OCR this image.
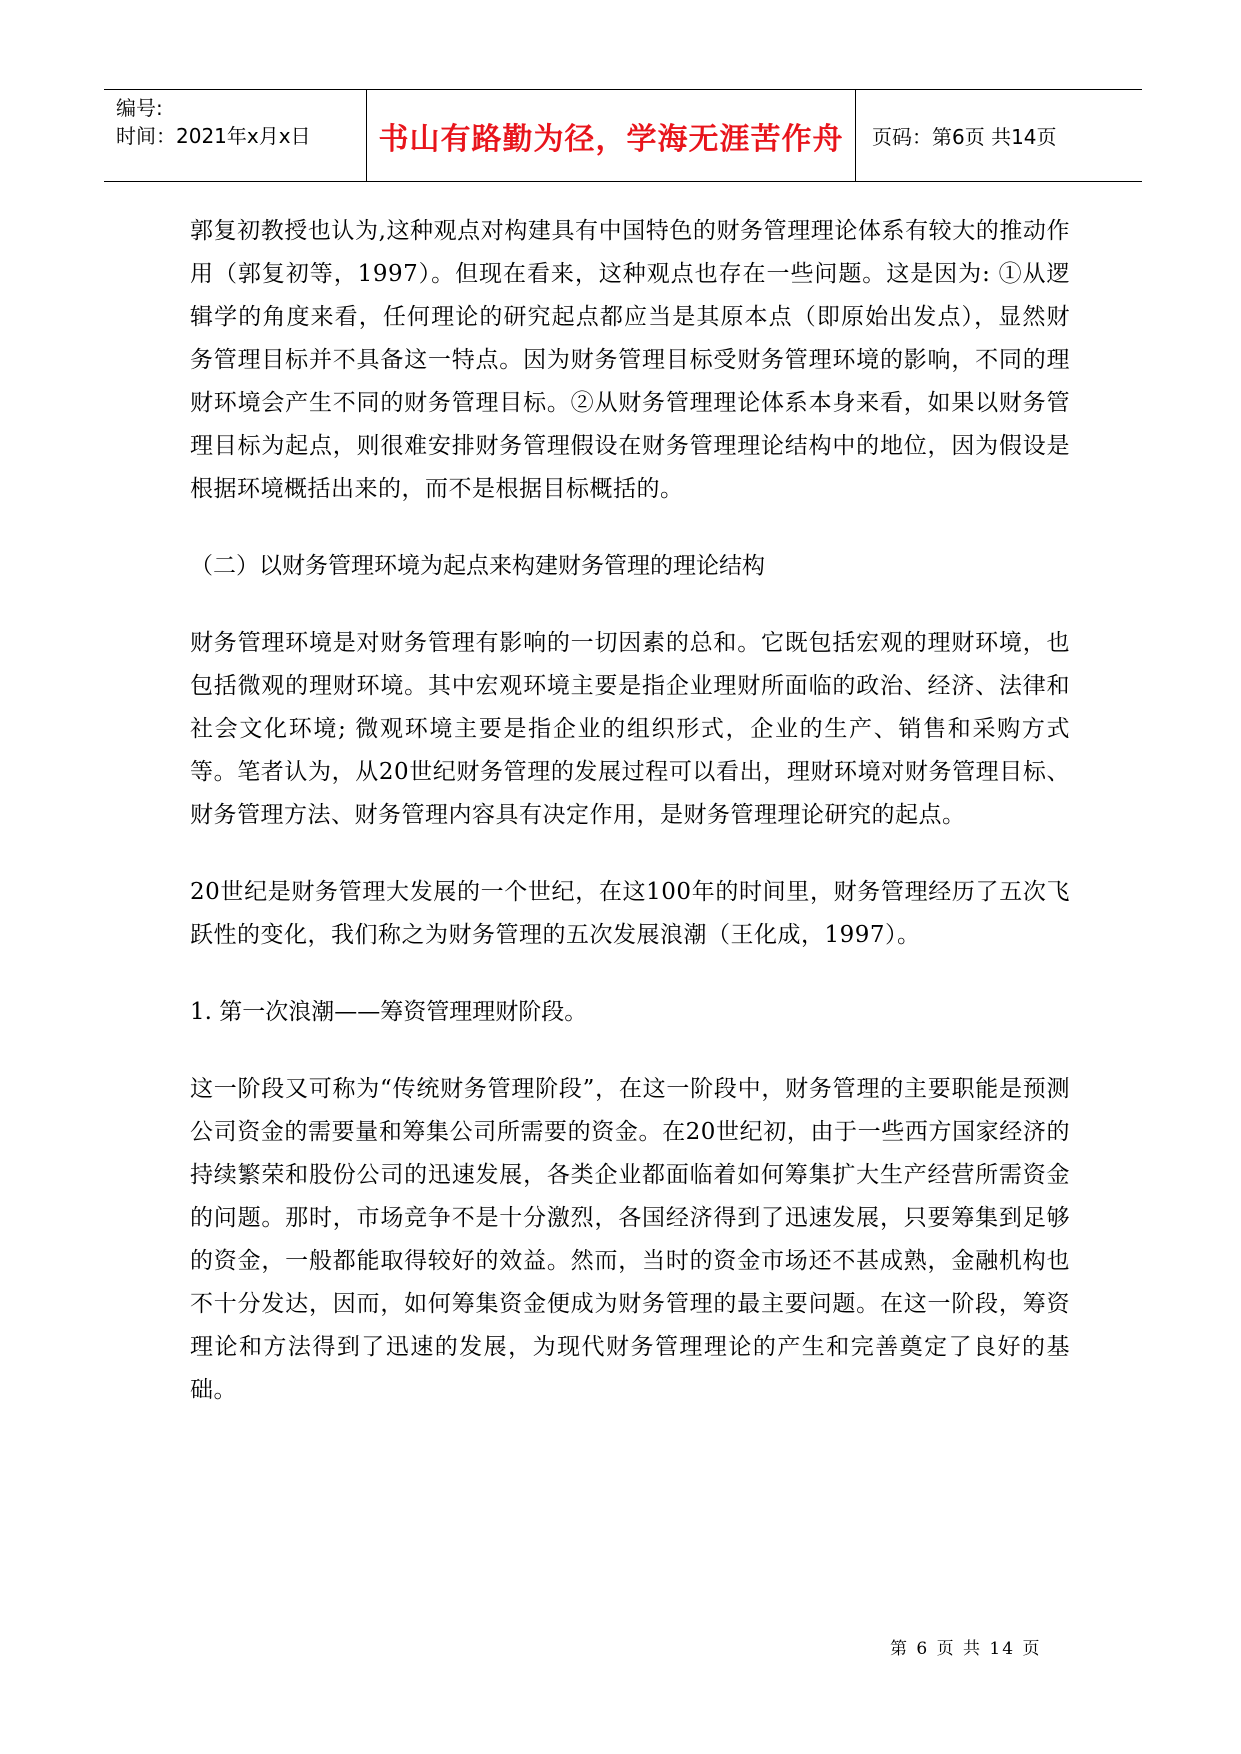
编号:
时间：2021年x月x日	书山有路勤为径，学海无涯苦作舟	页码：第6页 共14页

郭复初教授也认为,这种观点对构建具有中国特色的财务管理理论体系有较大的推动作用（郭复初等，1997）。但现在看来，这种观点也存在一些问题。这是因为: ①从逻辑学的角度来看，任何理论的研究起点都应当是其原本点（即原始出发点），显然财务管理目标并不具备这一特点。因为财务管理目标受财务管理环境的影响，不同的理财环境会产生不同的财务管理目标。②从财务管理理论体系本身来看，如果以财务管理目标为起点，则很难安排财务管理假设在财务管理理论结构中的地位，因为假设是根据环境概括出来的，而不是根据目标概括的。

（二）以财务管理环境为起点来构建财务管理的理论结构

财务管理环境是对财务管理有影响的一切因素的总和。它既包括宏观的理财环境，也包括微观的理财环境。其中宏观环境主要是指企业理财所面临的政治、经济、法律和社会文化环境; 微观环境主要是指企业的组织形式，企业的生产、销售和采购方式等。笔者认为，从20世纪财务管理的发展过程可以看出，理财环境对财务管理目标、财务管理方法、财务管理内容具有决定作用，是财务管理理论研究的起点。

20世纪是财务管理大发展的一个世纪，在这100年的时间里，财务管理经历了五次飞跃性的变化，我们称之为财务管理的五次发展浪潮（王化成，1997）。

1. 第一次浪潮——筹资管理理财阶段。

这一阶段又可称为“传统财务管理阶段”，在这一阶段中，财务管理的主要职能是预测公司资金的需要量和筹集公司所需要的资金。在20世纪初，由于一些西方国家经济的持续繁荣和股份公司的迅速发展，各类企业都面临着如何筹集扩大生产经营所需资金的问题。那时，市场竞争不是十分激烈，各国经济得到了迅速发展，只要筹集到足够的资金，一般都能取得较好的效益。然而，当时的资金市场还不甚成熟，金融机构也不十分发达，因而，如何筹集资金便成为财务管理的最主要问题。在这一阶段，筹资理论和方法得到了迅速的发展，为现代财务管理理论的产生和完善奠定了良好的基础。

第 6 页 共 14 页
